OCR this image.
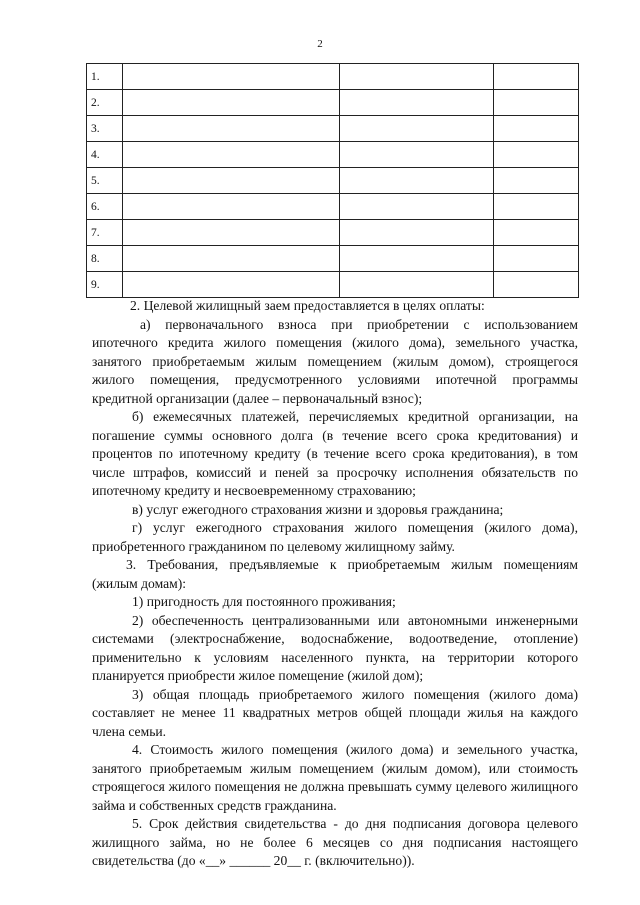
2
1.			
2.			
3.			
4.			
5.			
6.			
7.			
8.			
9.			

2. Целевой жилищный заем предоставляется в целях оплаты:

а) первоначального взноса при приобретении с использованием ипотечного кредита жилого помещения (жилого дома), земельного участка, занятого приобретаемым жилым помещением (жилым домом), строящегося жилого помещения, предусмотренного условиями ипотечной программы кредитной организации (далее – первоначальный взнос);

б) ежемесячных платежей, перечисляемых кредитной организации, на погашение суммы основного долга (в течение всего срока кредитования) и процентов по ипотечному кредиту (в течение всего срока кредитования), в том числе штрафов, комиссий и пеней за просрочку исполнения обязательств по ипотечному кредиту и несвоевременному страхованию;

в) услуг ежегодного страхования жизни и здоровья гражданина;

г) услуг ежегодного страхования жилого помещения (жилого дома), приобретенного гражданином по целевому жилищному займу.

3. Требования, предъявляемые к приобретаемым жилым помещениям (жилым домам):

1) пригодность для постоянного проживания;

2) обеспеченность централизованными или автономными инженерными системами (электроснабжение, водоснабжение, водоотведение, отопление) применительно к условиям населенного пункта, на территории которого планируется приобрести жилое помещение (жилой дом);

3) общая площадь приобретаемого жилого помещения (жилого дома) составляет не менее 11 квадратных метров общей площади жилья на каждого члена семьи.

4. Стоимость жилого помещения (жилого дома) и земельного участка, занятого приобретаемым жилым помещением (жилым домом), или стоимость строящегося жилого помещения не должна превышать сумму целевого жилищного займа и собственных средств гражданина.

5. Срок действия свидетельства - до дня подписания договора целевого жилищного займа, но не более 6 месяцев со дня подписания настоящего свидетельства (до «__» ______ 20__ г. (включительно)).
